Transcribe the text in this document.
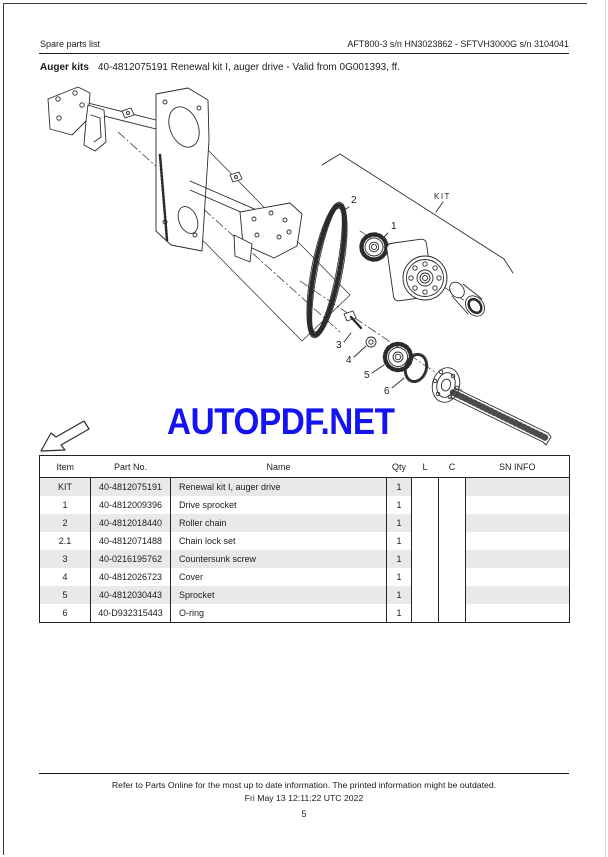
Spare parts list	AFT800-3 s/n HN3023862 - SFTVH3000G s/n 3104041
Auger kits 40-4812075191 Renewal kit I, auger drive - Valid from 0G001393, ff.
KIT
1
2
3
4
5
6
AUTOPDF.NET
Item	Part No.	Name	Qty	L	C	SN INFO
KIT	40-4812075191	Renewal kit I, auger drive	1			
1	40-4812009396	Drive sprocket	1			
2	40-4812018440	Roller chain	1			
2.1	40-4812071488	Chain lock set	1			
3	40-0216195762	Countersunk screw	1			
4	40-4812026723	Cover	1			
5	40-4812030443	Sprocket	1			
6	40-D932315443	O-ring	1			
Refer to Parts Online for the most up to date information. The printed information might be outdated.
Fri May 13 12:11:22 UTC 2022
5
